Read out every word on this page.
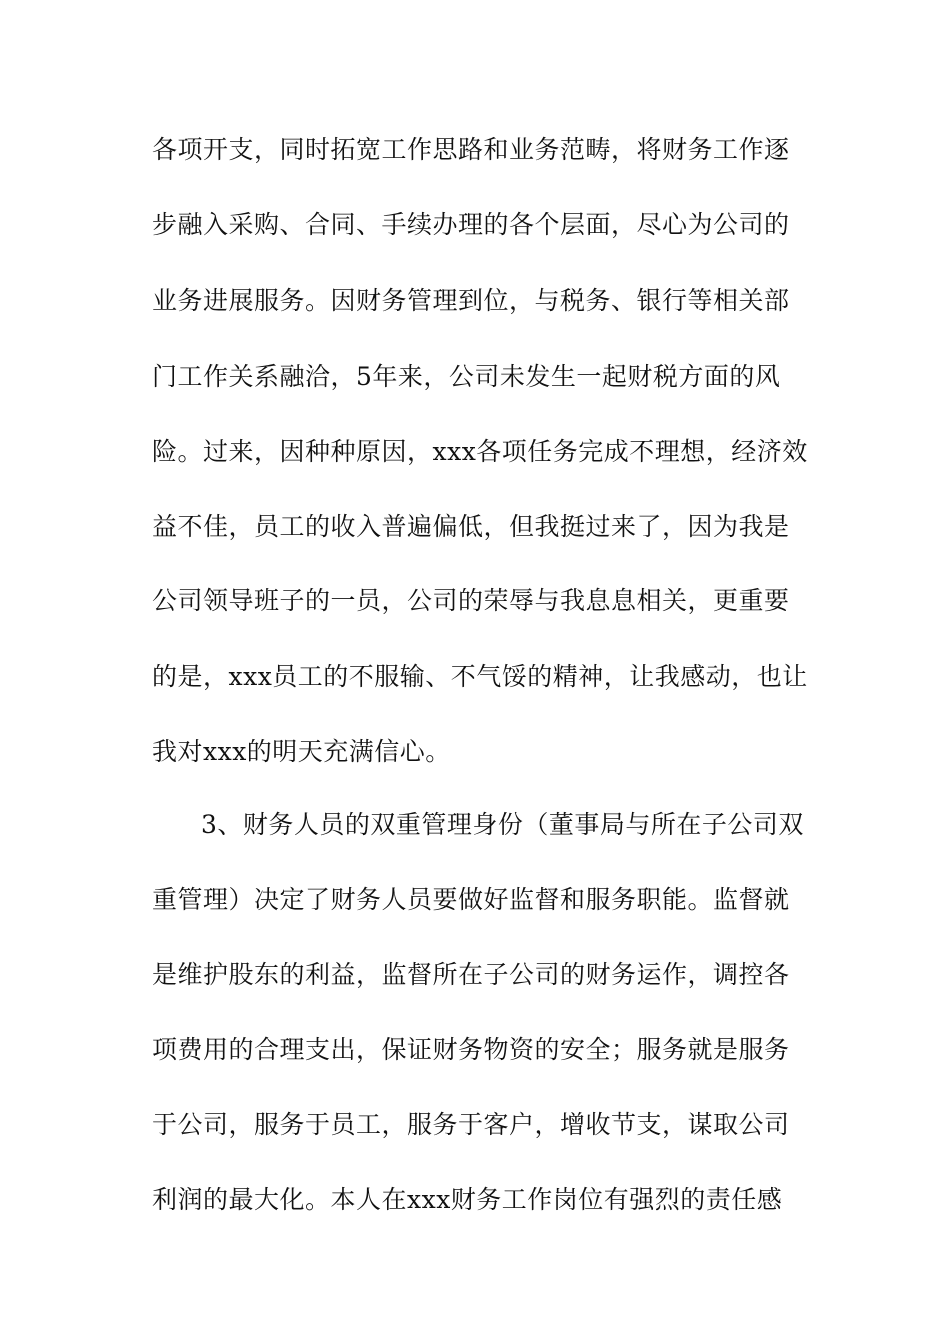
各项开支，同时拓宽工作思路和业务范畴，将财务工作逐
步融入采购、合同、手续办理的各个层面，尽心为公司的
业务进展服务。因财务管理到位，与税务、银行等相关部
门工作关系融洽，5年来，公司未发生一起财税方面的风
险。过来，因种种原因，xxx各项任务完成不理想，经济效
益不佳，员工的收入普遍偏低，但我挺过来了，因为我是
公司领导班子的一员，公司的荣辱与我息息相关，更重要
的是，xxx员工的不服输、不气馁的精神，让我感动，也让
我对xxx的明天充满信心。
3、财务人员的双重管理身份（董事局与所在子公司双
重管理）决定了财务人员要做好监督和服务职能。监督就
是维护股东的利益，监督所在子公司的财务运作，调控各
项费用的合理支出，保证财务物资的安全；服务就是服务
于公司，服务于员工，服务于客户，增收节支，谋取公司
利润的最大化。本人在xxx财务工作岗位有强烈的责任感
